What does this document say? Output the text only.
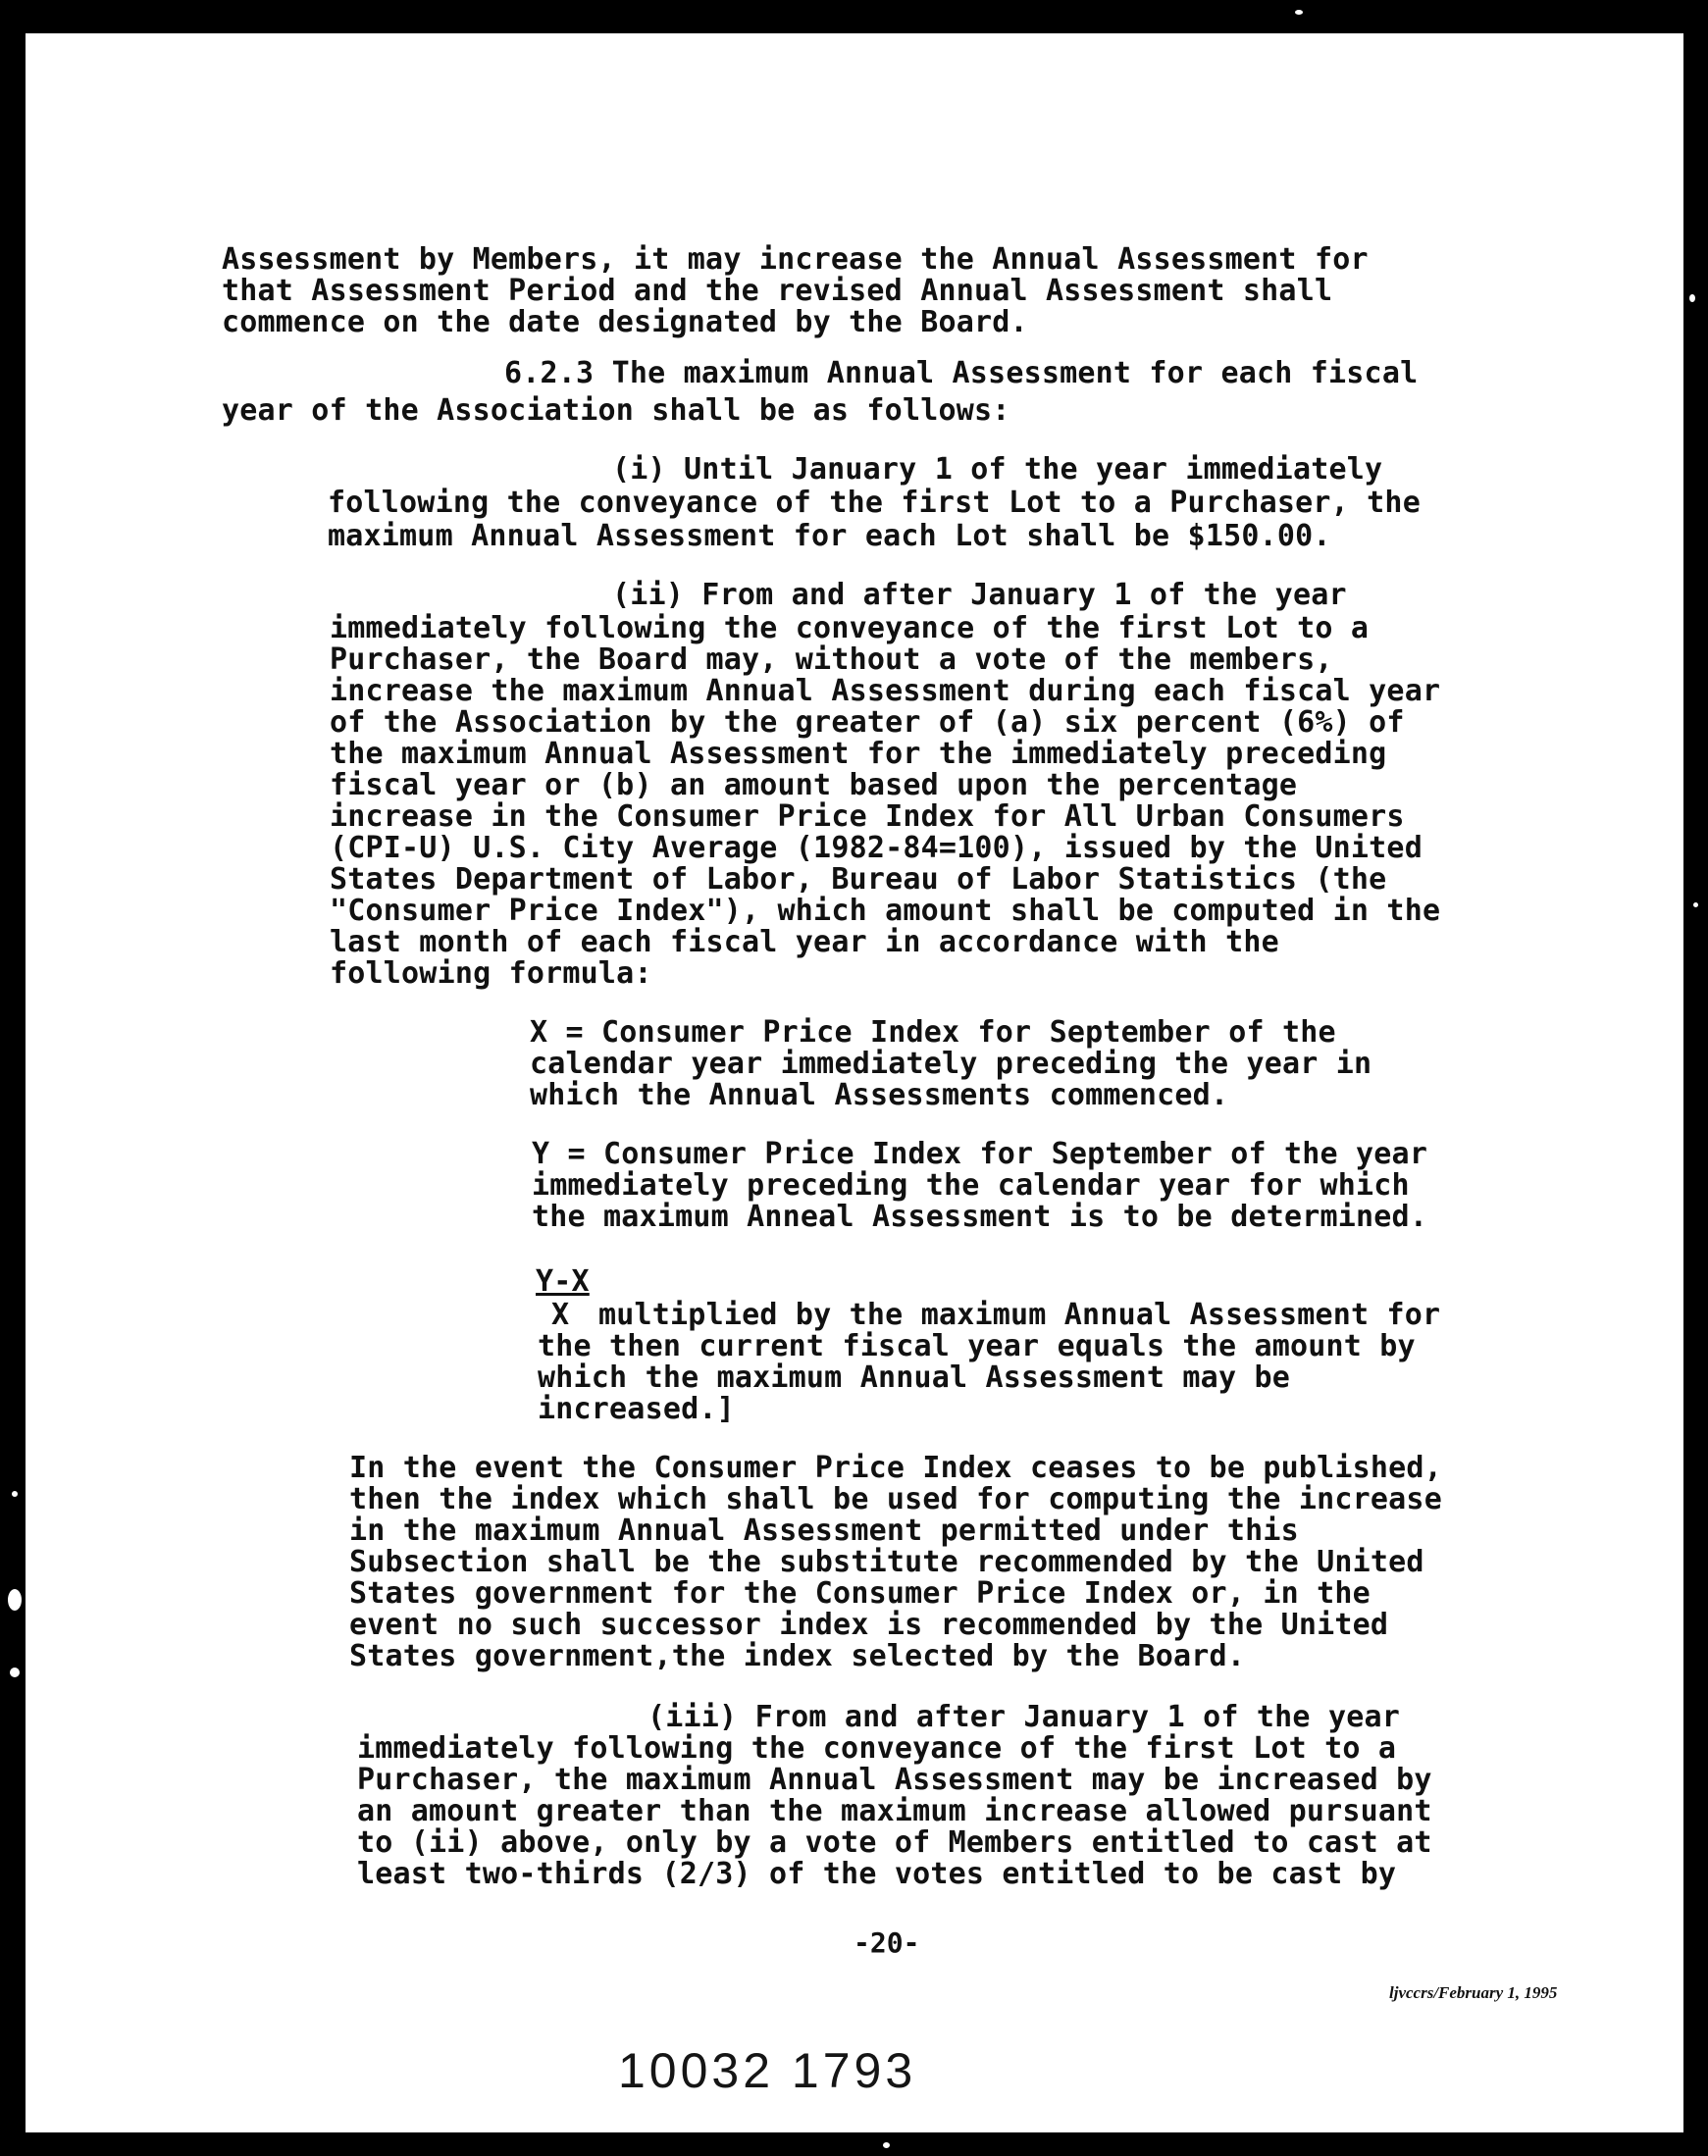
Assessment by Members, it may increase the Annual Assessment for
that Assessment Period and the revised Annual Assessment shall
commence on the date designated by the Board.
6.2.3 The maximum Annual Assessment for each fiscal
year of the Association shall be as follows:
(i) Until January 1 of the year immediately
following the conveyance of the first Lot to a Purchaser, the
maximum Annual Assessment for each Lot shall be $150.00.
(ii) From and after January 1 of the year
immediately following the conveyance of the first Lot to a
Purchaser, the Board may, without a vote of the members,
increase the maximum Annual Assessment during each fiscal year
of the Association by the greater of (a) six percent (6%) of
the maximum Annual Assessment for the immediately preceding
fiscal year or (b) an amount based upon the percentage
increase in the Consumer Price Index for All Urban Consumers
(CPI-U) U.S. City Average (1982-84=100), issued by the United
States Department of Labor, Bureau of Labor Statistics (the
"Consumer Price Index"), which amount shall be computed in the
last month of each fiscal year in accordance with the
following formula:
X = Consumer Price Index for September of the
calendar year immediately preceding the year in
which the Annual Assessments commenced.
Y = Consumer Price Index for September of the year
immediately preceding the calendar year for which
the maximum Anneal Assessment is to be determined.
Y-X
X multiplied by the maximum Annual Assessment for
the then current fiscal year equals the amount by
which the maximum Annual Assessment may be
increased.]
In the event the Consumer Price Index ceases to be published,
then the index which shall be used for computing the increase
in the maximum Annual Assessment permitted under this
Subsection shall be the substitute recommended by the United
States government for the Consumer Price Index or, in the
event no such successor index is recommended by the United
States government,the index selected by the Board.
(iii) From and after January 1 of the year
immediately following the conveyance of the first Lot to a
Purchaser, the maximum Annual Assessment may be increased by
an amount greater than the maximum increase allowed pursuant
to (ii) above, only by a vote of Members entitled to cast at
least two-thirds (2/3) of the votes entitled to be cast by
-20-
ljvccrs/February 1, 1995
10032 1793
